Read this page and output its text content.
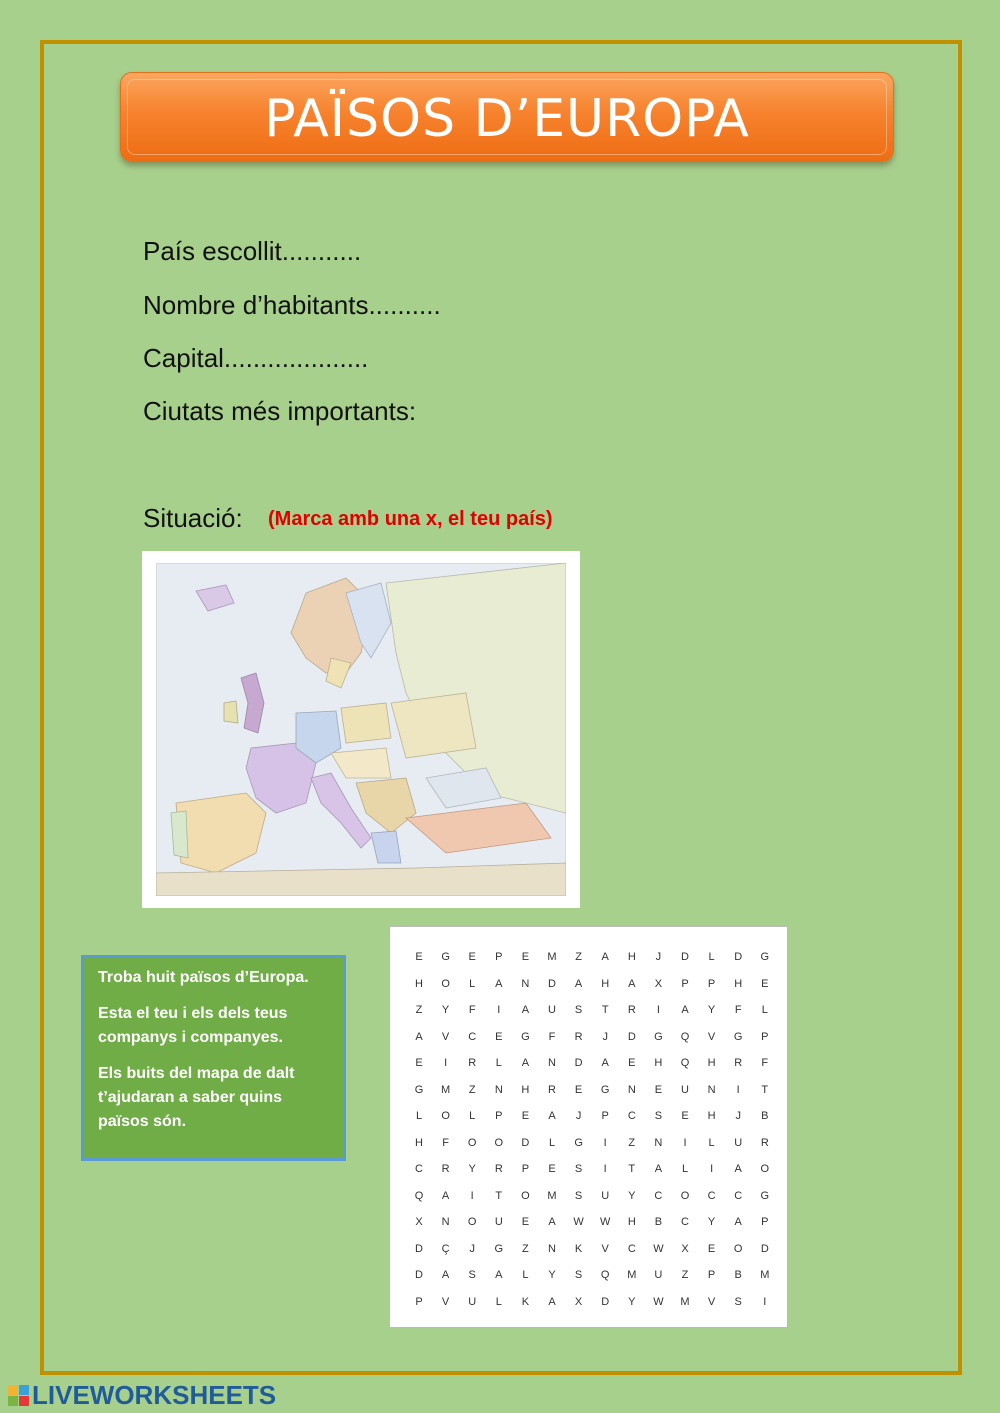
PAÏSOS D’EUROPA
País escollit...........
Nombre d’habitants..........
Capital....................
Ciutats més importants:
Situació: (Marca amb una x, el teu país)

Troba huit països d’Europa.

Esta el teu i els dels teus companys i companyes.

Els buits del mapa de dalt t’ajudaran a saber quins països són.

E	G	E	P	E	M	Z	A	H	J	D	L	D	G
H	O	L	A	N	D	A	H	A	X	P	P	H	E
Z	Y	F	I	A	U	S	T	R	I	A	Y	F	L
A	V	C	E	G	F	R	J	D	G	Q	V	G	P
E	I	R	L	A	N	D	A	E	H	Q	H	R	F
G	M	Z	N	H	R	E	G	N	E	U	N	I	T
L	O	L	P	E	A	J	P	C	S	E	H	J	B
H	F	O	O	D	L	G	I	Z	N	I	L	U	R
C	R	Y	R	P	E	S	I	T	A	L	I	A	O
Q	A	I	T	O	M	S	U	Y	C	O	C	C	G
X	N	O	U	E	A	W	W	H	B	C	Y	A	P
D	Ç	J	G	Z	N	K	V	C	W	X	E	O	D
D	A	S	A	L	Y	S	Q	M	U	Z	P	B	M
P	V	U	L	K	A	X	D	Y	W	M	V	S	I
LIVEWORKSHEETS
